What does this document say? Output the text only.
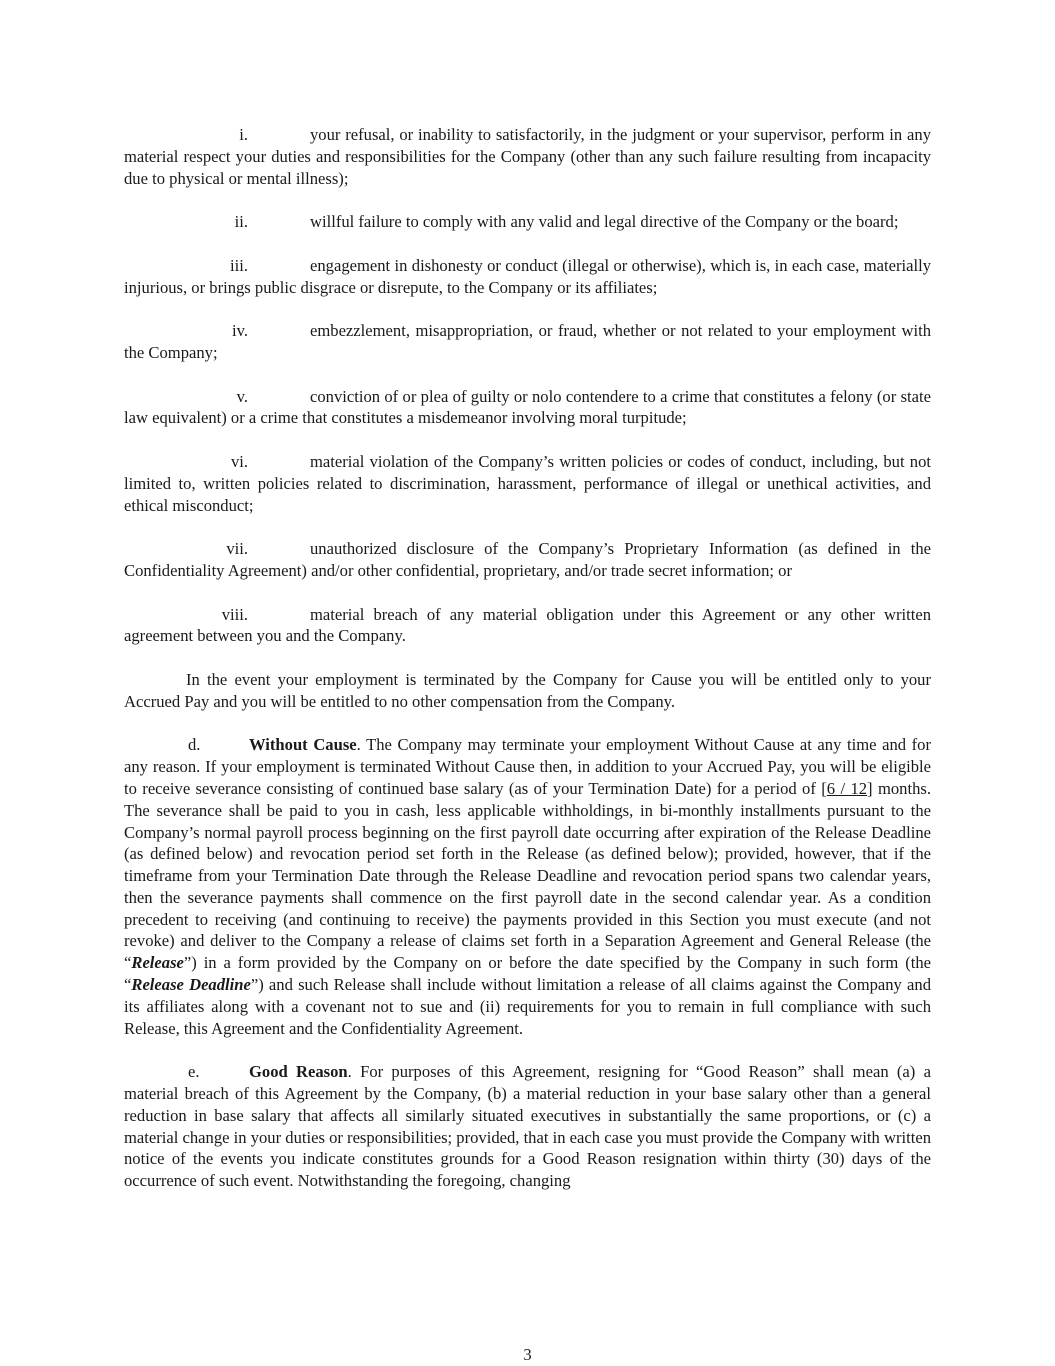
i.	your refusal, or inability to satisfactorily, in the judgment or your supervisor, perform in any material respect your duties and responsibilities for the Company (other than any such failure resulting from incapacity due to physical or mental illness);

ii.	willful failure to comply with any valid and legal directive of the Company or the board;

iii.	engagement in dishonesty or conduct (illegal or otherwise), which is, in each case, materially injurious, or brings public disgrace or disrepute, to the Company or its affiliates;

iv.	embezzlement, misappropriation, or fraud, whether or not related to your employment with the Company;

v.	conviction of or plea of guilty or nolo contendere to a crime that constitutes a felony (or state law equivalent) or a crime that constitutes a misdemeanor involving moral turpitude;

vi.	material violation of the Company’s written policies or codes of conduct, including, but not limited to, written policies related to discrimination, harassment, performance of illegal or unethical activities, and ethical misconduct;

vii.	unauthorized disclosure of the Company’s Proprietary Information (as defined in the Confidentiality Agreement) and/or other confidential, proprietary, and/or trade secret information; or

viii.	material breach of any material obligation under this Agreement or any other written agreement between you and the Company.

In the event your employment is terminated by the Company for Cause you will be entitled only to your Accrued Pay and you will be entitled to no other compensation from the Company.

d.	Without Cause. The Company may terminate your employment Without Cause at any time and for any reason. If your employment is terminated Without Cause then, in addition to your Accrued Pay, you will be eligible to receive severance consisting of continued base salary (as of your Termination Date) for a period of [6 / 12] months. The severance shall be paid to you in cash, less applicable withholdings, in bi-monthly installments pursuant to the Company’s normal payroll process beginning on the first payroll date occurring after expiration of the Release Deadline (as defined below) and revocation period set forth in the Release (as defined below); provided, however, that if the timeframe from your Termination Date through the Release Deadline and revocation period spans two calendar years, then the severance payments shall commence on the first payroll date in the second calendar year. As a condition precedent to receiving (and continuing to receive) the payments provided in this Section you must execute (and not revoke) and deliver to the Company a release of claims set forth in a Separation Agreement and General Release (the “Release”) in a form provided by the Company on or before the date specified by the Company in such form (the “Release Deadline”) and such Release shall include without limitation a release of all claims against the Company and its affiliates along with a covenant not to sue and (ii) requirements for you to remain in full compliance with such Release, this Agreement and the Confidentiality Agreement.

e.	Good Reason. For purposes of this Agreement, resigning for “Good Reason” shall mean (a) a material breach of this Agreement by the Company, (b) a material reduction in your base salary other than a general reduction in base salary that affects all similarly situated executives in substantially the same proportions, or (c) a material change in your duties or responsibilities; provided, that in each case you must provide the Company with written notice of the events you indicate constitutes grounds for a Good Reason resignation within thirty (30) days of the occurrence of such event. Notwithstanding the foregoing, changing

3
